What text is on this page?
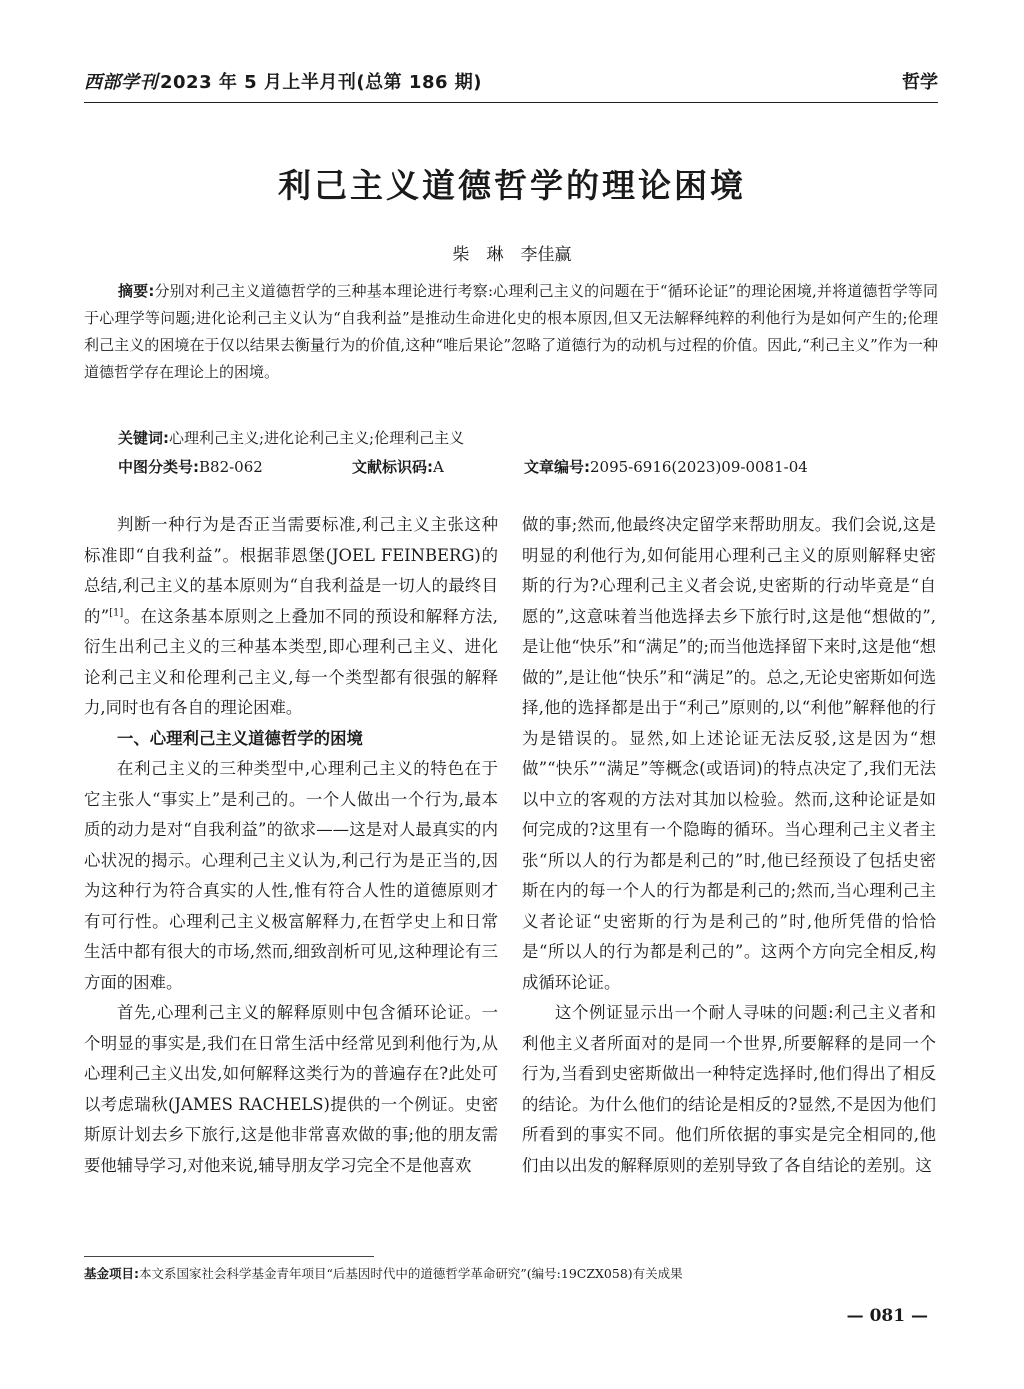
西部学刊 2023 年 5 月上半月刊(总第 186 期)	哲学
利己主义道德哲学的理论困境
柴　琳　李佳赢
摘要:分别对利己主义道德哲学的三种基本理论进行考察:心理利己主义的问题在于“循环论证”的理论困境,并将道德哲学等同于心理学等问题;进化论利己主义认为“自我利益”是推动生命进化史的根本原因,但又无法解释纯粹的利他行为是如何产生的;伦理利己主义的困境在于仅以结果去衡量行为的价值,这种“唯后果论”忽略了道德行为的动机与过程的价值。因此,“利己主义”作为一种道德哲学存在理论上的困境。
关键词:心理利己主义;进化论利己主义;伦理利己主义
中图分类号:B82-062	文献标识码:A	文章编号:2095-6916(2023)09-0081-04

判断一种行为是否正当需要标准,利己主义主张这种标准即“自我利益”。根据菲恩堡(JOEL FEINBERG)的总结,利己主义的基本原则为“自我利益是一切人的最终目的”[1]。在这条基本原则之上叠加不同的预设和解释方法,衍生出利己主义的三种基本类型,即心理利己主义、进化论利己主义和伦理利己主义,每一个类型都有很强的解释力,同时也有各自的理论困难。

一、心理利己主义道德哲学的困境

在利己主义的三种类型中,心理利己主义的特色在于它主张人“事实上”是利己的。一个人做出一个行为,最本质的动力是对“自我利益”的欲求——这是对人最真实的内心状况的揭示。心理利己主义认为,利己行为是正当的,因为这种行为符合真实的人性,惟有符合人性的道德原则才有可行性。心理利己主义极富解释力,在哲学史上和日常生活中都有很大的市场,然而,细致剖析可见,这种理论有三方面的困难。

首先,心理利己主义的解释原则中包含循环论证。一个明显的事实是,我们在日常生活中经常见到利他行为,从心理利己主义出发,如何解释这类行为的普遍存在?此处可以考虑瑞秋(JAMES RACHELS)提供的一个例证。史密斯原计划去乡下旅行,这是他非常喜欢做的事;他的朋友需要他辅导学习,对他来说,辅导朋友学习完全不是他喜欢

做的事;然而,他最终决定留学来帮助朋友。我们会说,这是明显的利他行为,如何能用心理利己主义的原则解释史密斯的行为?心理利己主义者会说,史密斯的行动毕竟是“自愿的”,这意味着当他选择去乡下旅行时,这是他“想做的”,是让他“快乐”和“满足”的;而当他选择留下来时,这是他“想做的”,是让他“快乐”和“满足”的。总之,无论史密斯如何选择,他的选择都是出于“利己”原则的,以“利他”解释他的行为是错误的。显然,如上述论证无法反驳,这是因为“想做”“快乐”“满足”等概念(或语词)的特点决定了,我们无法以中立的客观的方法对其加以检验。然而,这种论证是如何完成的?这里有一个隐晦的循环。当心理利己主义者主张“所以人的行为都是利己的”时,他已经预设了包括史密斯在内的每一个人的行为都是利己的;然而,当心理利己主义者论证“史密斯的行为是利己的”时,他所凭借的恰恰是“所以人的行为都是利己的”。这两个方向完全相反,构成循环论证。

这个例证显示出一个耐人寻味的问题:利己主义者和利他主义者所面对的是同一个世界,所要解释的是同一个行为,当看到史密斯做出一种特定选择时,他们得出了相反的结论。为什么他们的结论是相反的?显然,不是因为他们所看到的事实不同。他们所依据的事实是完全相同的,他们由以出发的解释原则的差别导致了各自结论的差别。这

基金项目:本文系国家社会科学基金青年项目“后基因时代中的道德哲学革命研究”(编号:19CZX058)有关成果
— 081 —
